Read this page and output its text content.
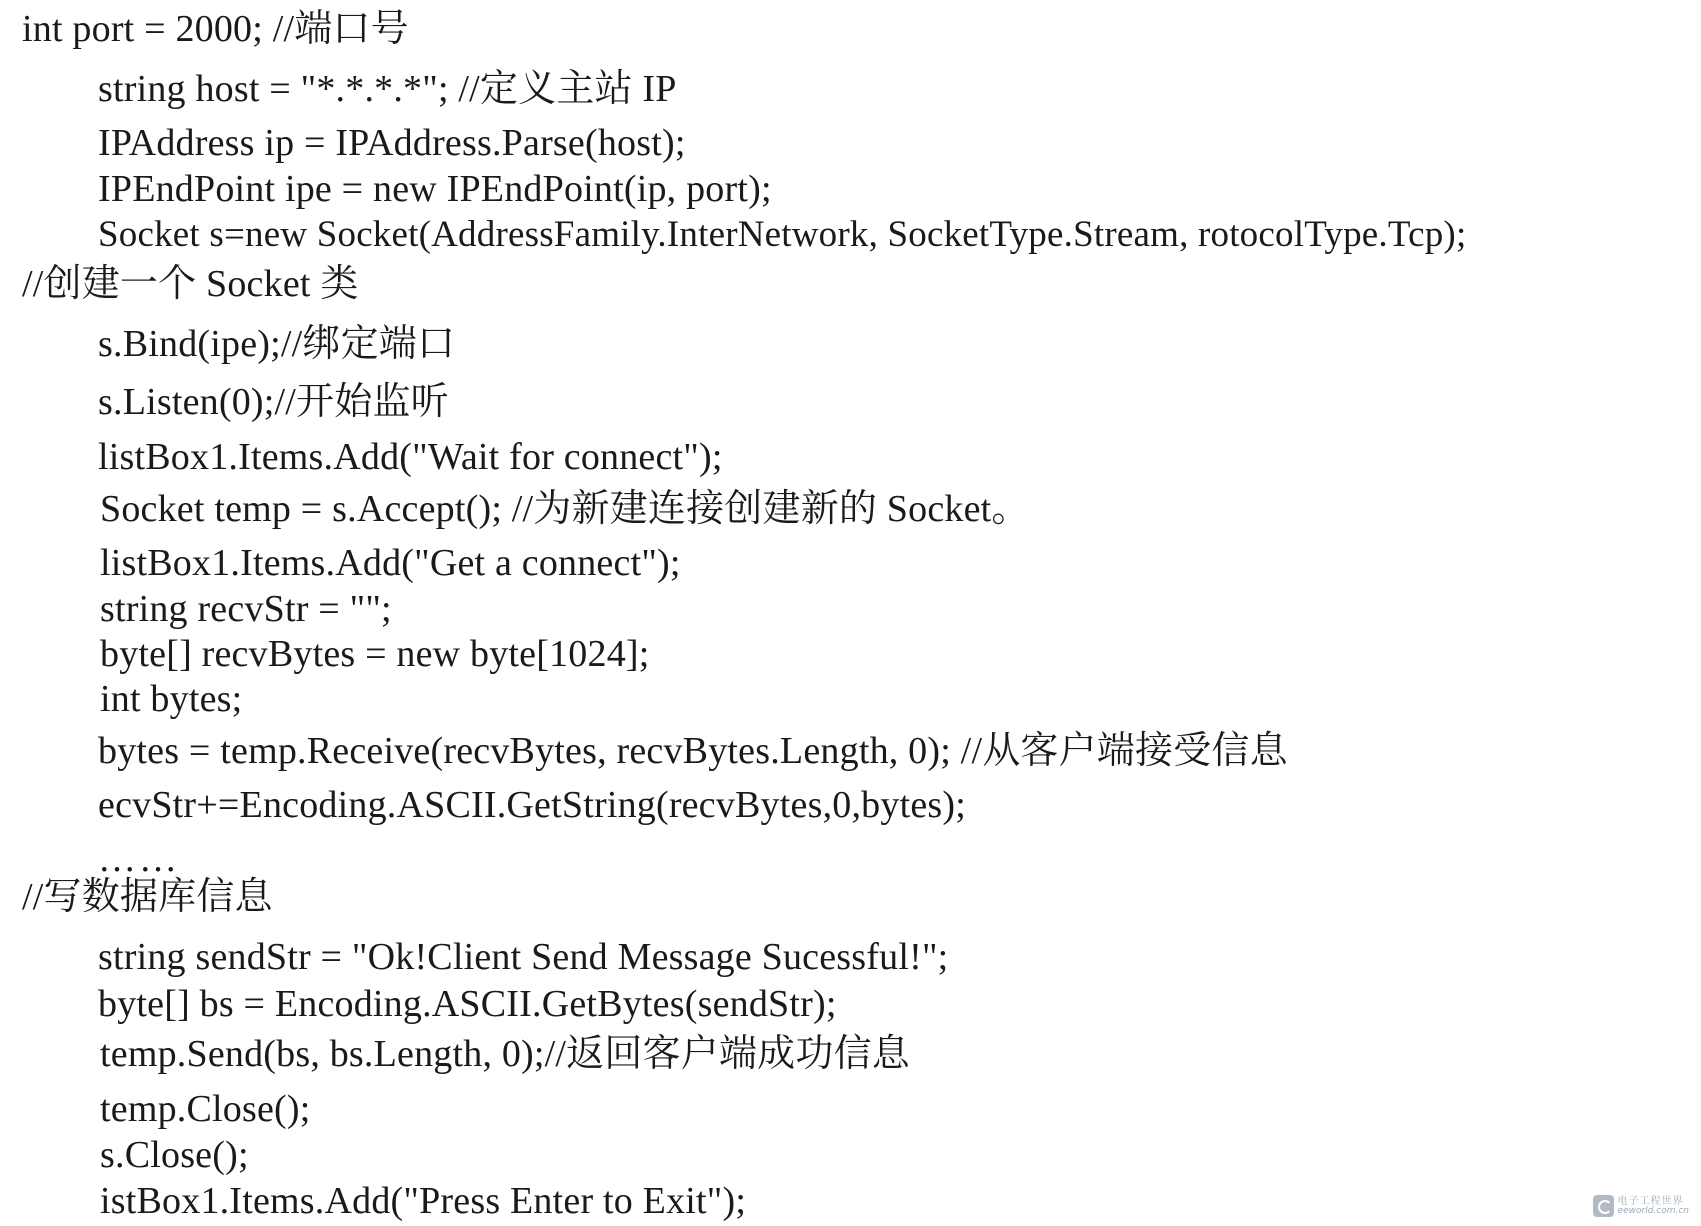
int port = 2000; //端口号
string host = "*.*.*.*"; //定义主站 IP
IPAddress ip = IPAddress.Parse(host);
IPEndPoint ipe = new IPEndPoint(ip, port);
Socket s=new Socket(AddressFamily.InterNetwork, SocketType.Stream, rotocolType.Tcp);
//创建一个 Socket 类
s.Bind(ipe);//绑定端口
s.Listen(0);//开始监听
listBox1.Items.Add("Wait for connect");
Socket temp = s.Accept(); //为新建连接创建新的 Socket。
listBox1.Items.Add("Get a connect");
string recvStr = "";
byte[] recvBytes = new byte[1024];
int bytes;
bytes = temp.Receive(recvBytes, recvBytes.Length, 0); //从客户端接受信息
ecvStr+=Encoding.ASCII.GetString(recvBytes,0,bytes);
……
//写数据库信息
string sendStr = "Ok!Client Send Message Sucessful!";
byte[] bs = Encoding.ASCII.GetBytes(sendStr);
temp.Send(bs, bs.Length, 0);//返回客户端成功信息
temp.Close();
s.Close();
istBox1.Items.Add("Press Enter to Exit");	电子工程世界
eeworld.com.cn
